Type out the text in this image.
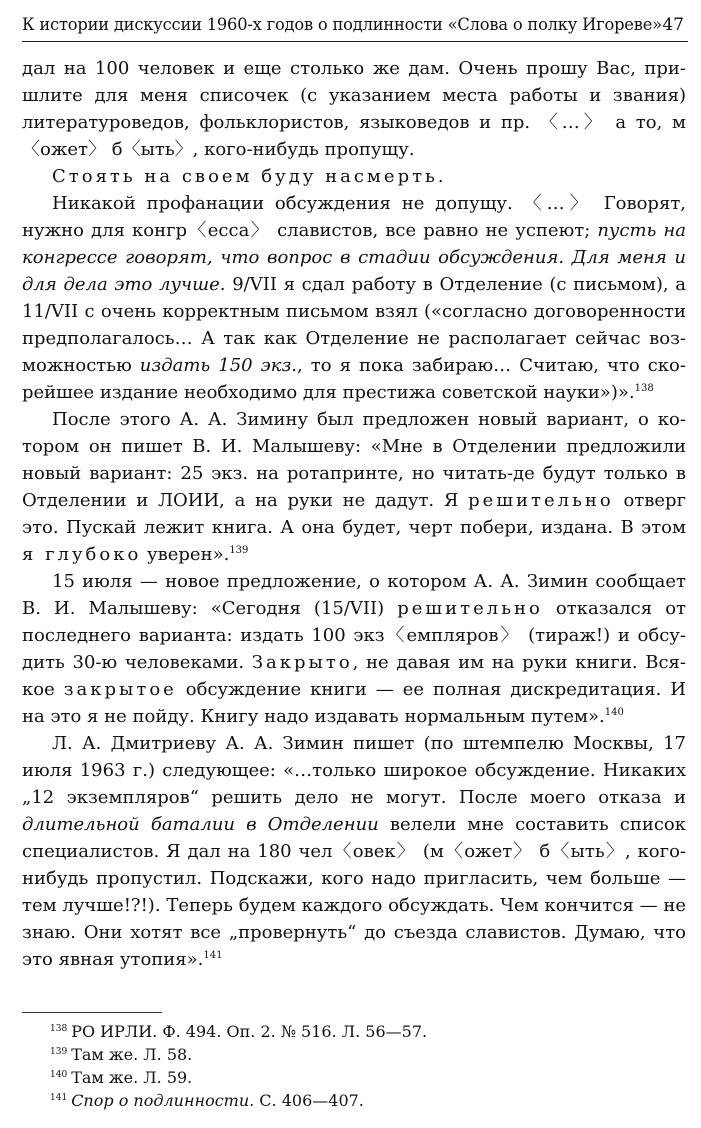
К истории дискуссии 1960-х годов о подлинности «Слова о полку Игореве» 47

дал на 100 человек и еще столько же дам. Очень прошу Вас, пришлите для меня списочек (с указанием места работы и звания) литературоведов, фольклористов, языковедов и пр. 〈…〉 а то, м〈ожет〉 б〈ыть〉, кого-нибудь пропущу.

Стоять на своем буду насмерть.

Никакой профанации обсуждения не допущу. 〈…〉 Говорят, нужно для конгр〈есса〉 славистов, все равно не успеют; пусть на конгрессе говорят, что вопрос в стадии обсуждения. Для меня и для дела это лучше. 9/VII я сдал работу в Отделение (с письмом), а 11/VII с очень корректным письмом взял («согласно договоренности предполагалось… А так как Отделение не располагает сейчас возможностью издать 150 экз., то я пока забираю… Считаю, что скорейшее издание необходимо для престижа советской науки»)».$^{138}$

После этого А. А. Зимину был предложен новый вариант, о котором он пишет В. И. Малышеву: «Мне в Отделении предложили новый вариант: 25 экз. на ротапринте, но читать-де будут только в Отделении и ЛОИИ, а на руки не дадут. Я решительно отверг это. Пускай лежит книга. А она будет, черт побери, издана. В этом я глубоко уверен».$^{139}$

15 июля — новое предложение, о котором А. А. Зимин сообщает В. И. Малышеву: «Сегодня (15/VII) решительно отказался от последнего варианта: издать 100 экз〈емпляров〉 (тираж!) и обсудить 30-ю человеками. Закрыто, не давая им на руки книги. Всякое закрытое обсуждение книги — ее полная дискредитация. И на это я не пойду. Книгу надо издавать нормальным путем».$^{140}$

Л. А. Дмитриеву А. А. Зимин пишет (по штемпелю Москвы, 17 июля 1963 г.) следующее: «…только широкое обсуждение. Никаких „12 экземпляров“ решить дело не могут. После моего отказа и длительной баталии в Отделении велели мне составить список специалистов. Я дал на 180 чел〈овек〉 (м〈ожет〉 б〈ыть〉, кого-нибудь пропустил. Подскажи, кого надо пригласить, чем больше — тем лучше!?!). Теперь будем каждого обсуждать. Чем кончится — не знаю. Они хотят все „провернуть“ до съезда славистов. Думаю, что это явная утопия».$^{141}$

$^{138}$ РО ИРЛИ. Ф. 494. Оп. 2. № 516. Л. 56—57.

$^{139}$ Там же. Л. 58.

$^{140}$ Там же. Л. 59.

$^{141}$ Спор о подлинности. С. 406—407.
